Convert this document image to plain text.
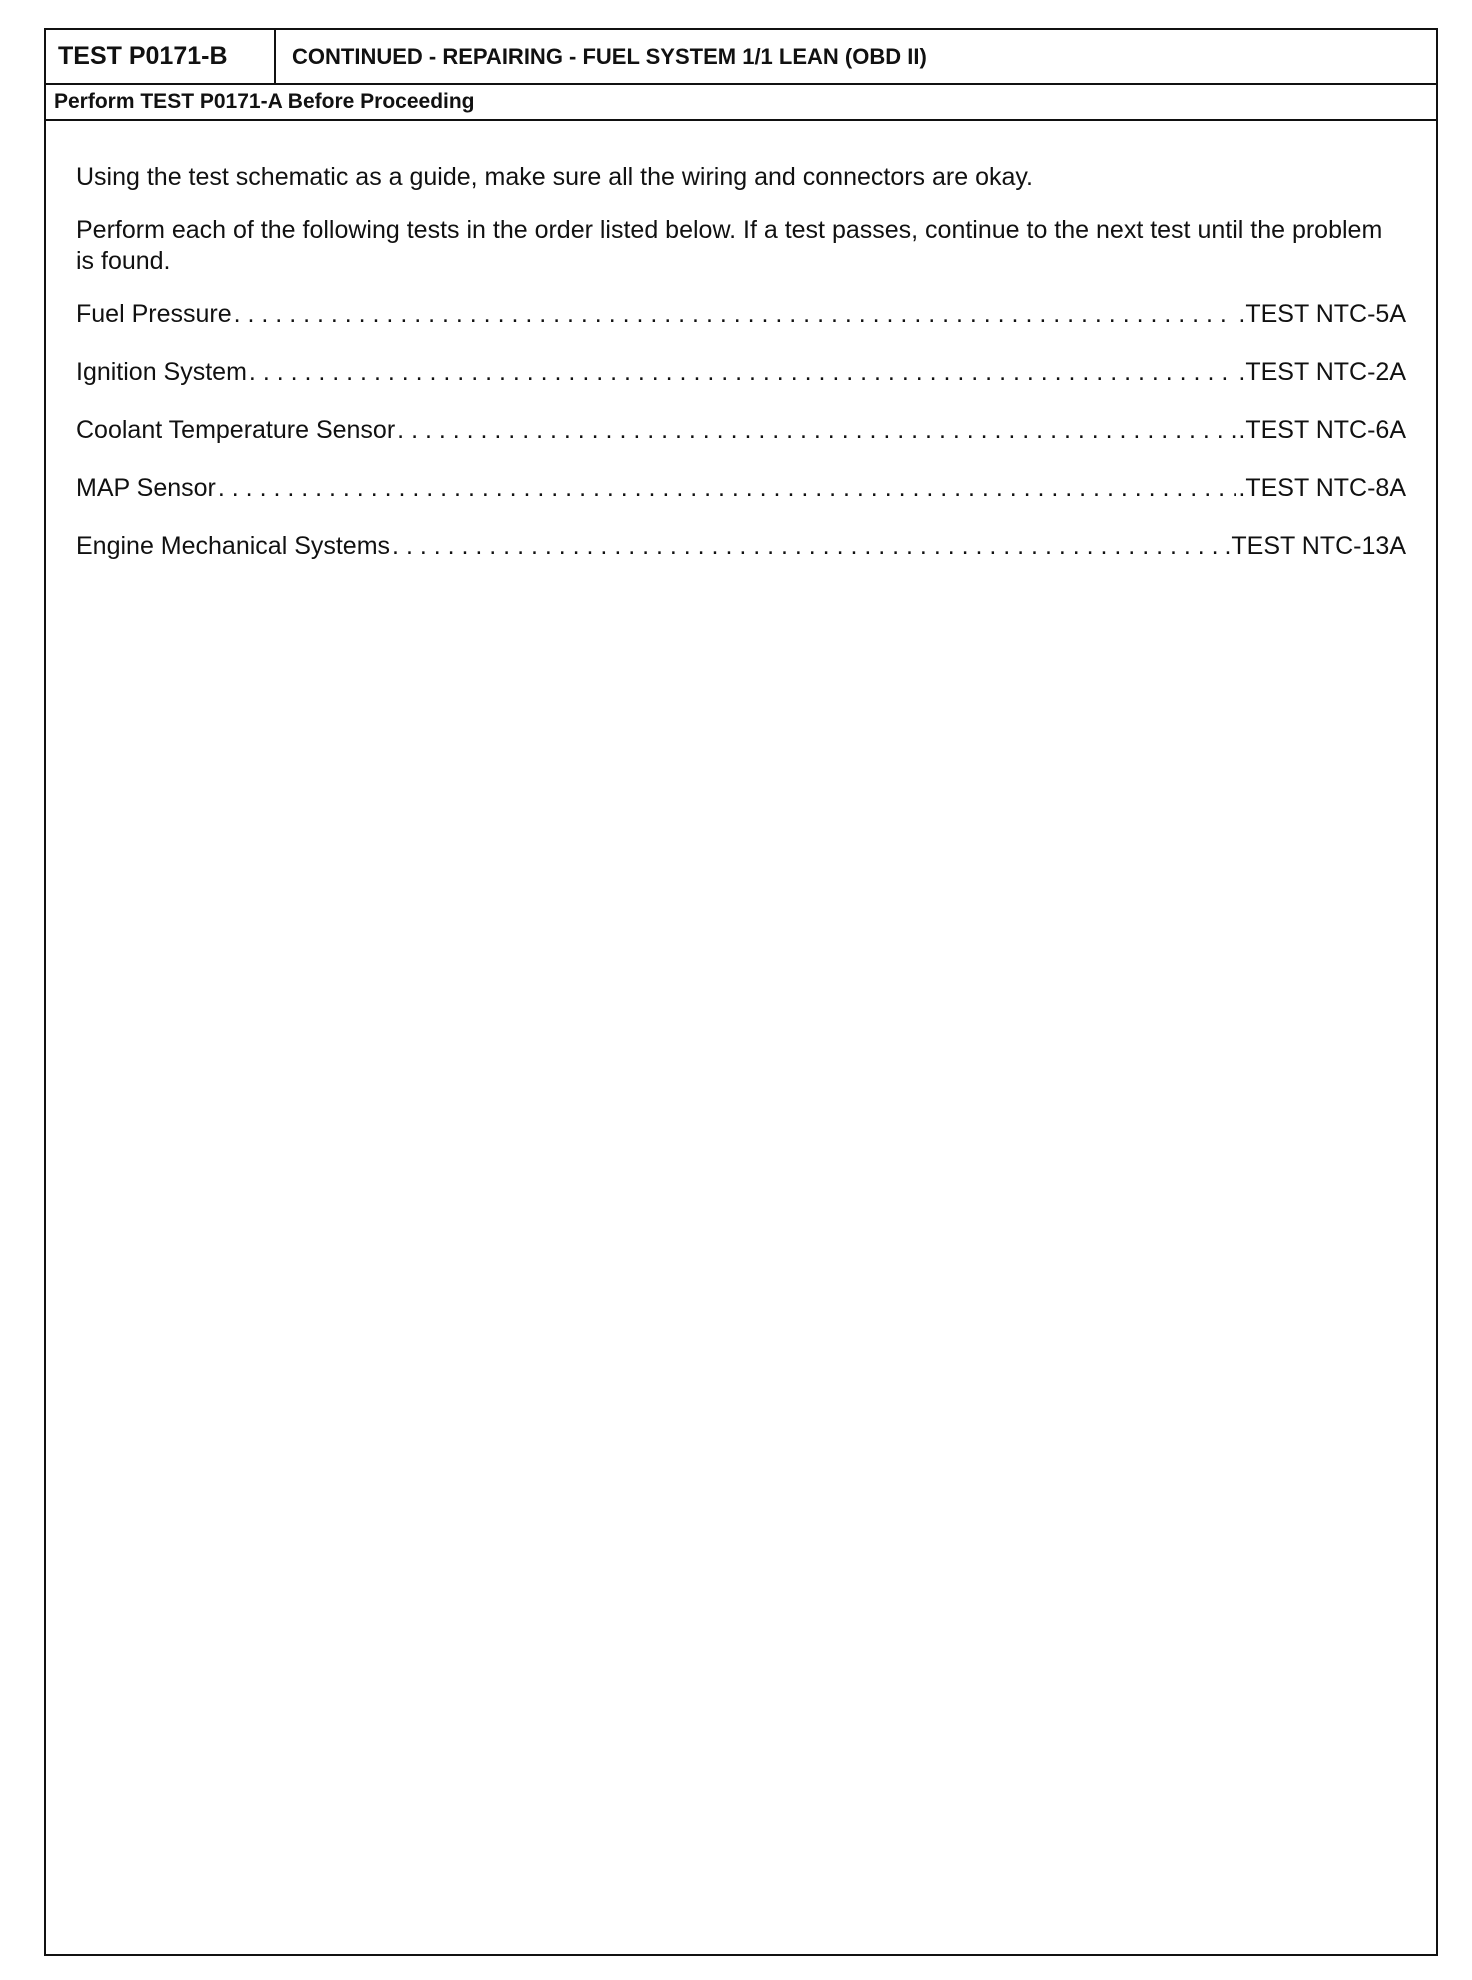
TEST P0171-B	CONTINUED - REPAIRING - FUEL SYSTEM 1/1 LEAN (OBD II)
Perform TEST P0171-A Before Proceeding

Using the test schematic as a guide, make sure all the wiring and connectors are okay.

Perform each of the following tests in the order listed below. If a test passes, continue to the next test until the problem is found.

Fuel Pressure . . .	.TEST NTC-5A
Ignition System . . .	.TEST NTC-2A
Coolant Temperature Sensor . . .	.TEST NTC-6A
MAP Sensor . . .	.TEST NTC-8A
Engine Mechanical Systems . . .	.TEST NTC-13A
